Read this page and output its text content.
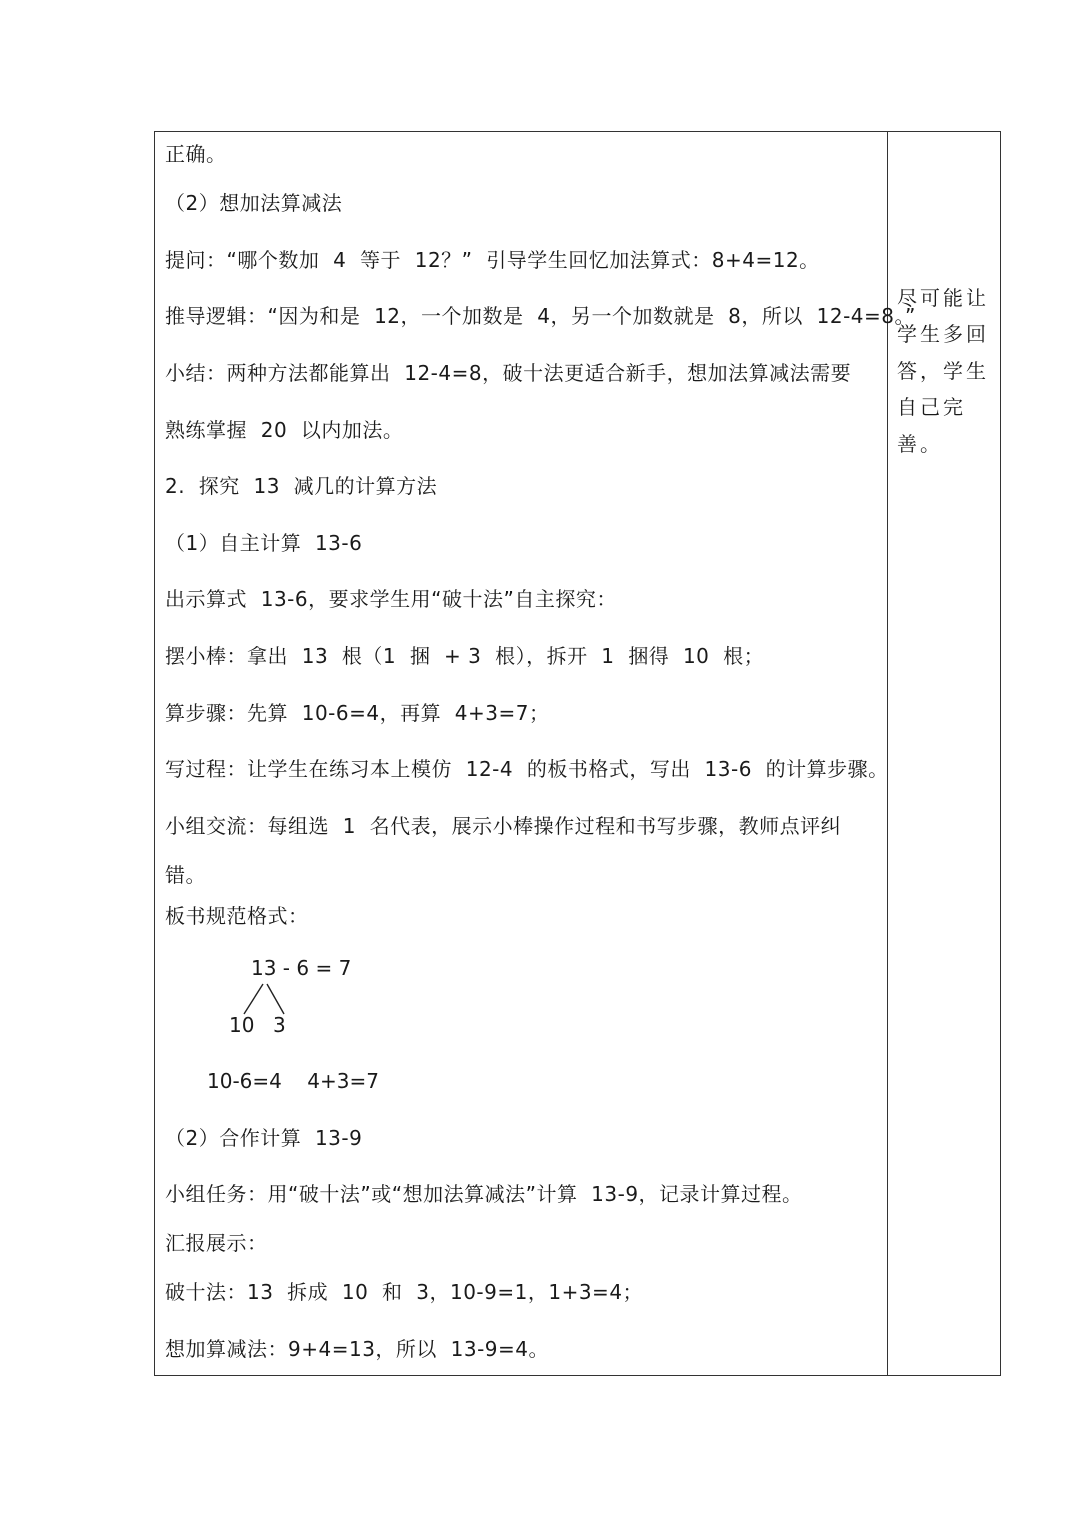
正确。
（2）想加法算减法
提问：“哪个数加  4  等于  12？”  引导学生回忆加法算式：8+4=12。
推导逻辑：“因为和是  12，一个加数是  4，另一个加数就是  8，所以  12-4=8。”
小结：两种方法都能算出  12-4=8，破十法更适合新手，想加法算减法需要
熟练掌握  20  以内加法。
2.  探究  13  减几的计算方法
（1）自主计算  13-6
出示算式  13-6，要求学生用“破十法”自主探究：
摆小棒：拿出  13  根（1  捆  + 3  根），拆开  1  捆得  10  根；
算步骤：先算  10-6=4，再算  4+3=7；
写过程：让学生在练习本上模仿  12-4  的板书格式，写出  13-6  的计算步骤。
小组交流：每组选  1  名代表，展示小棒操作过程和书写步骤，教师点评纠
错。
板书规范格式：
13 - 6 = 7
10 3
10-6=4    4+3=7
（2）合作计算  13-9
小组任务：用“破十法”或“想加法算减法”计算  13-9，记录计算过程。
汇报展示：
破十法：13  拆成  10  和  3，10-9=1，1+3=4；
想加算减法：9+4=13，所以  13-9=4。
尽可能让
学生多回
答，学生
自己完
善。
